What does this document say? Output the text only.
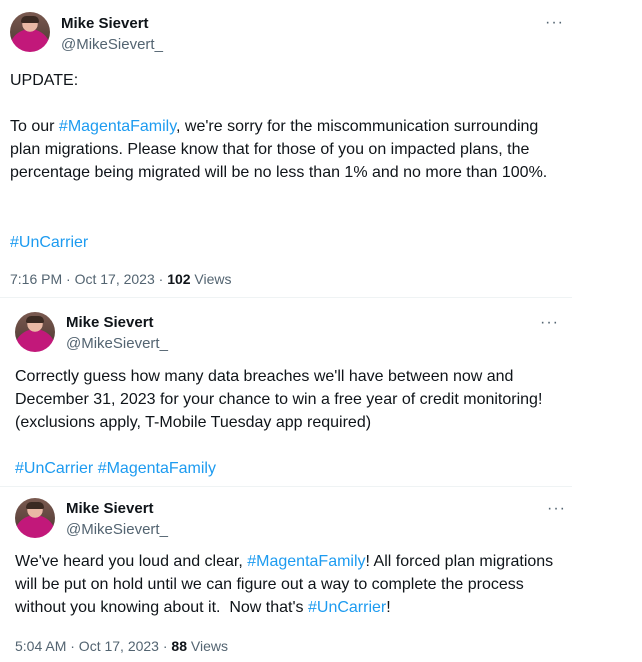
Mike Sievert
@MikeSievert_
···
UPDATE:
To our #MagentaFamily, we're sorry for the miscommunication surrounding plan migrations. Please know that for those of you on impacted plans, the percentage being migrated will be no less than 1% and no more than 100%.
#UnCarrier
7:16 PM · Oct 17, 2023 · 102 Views
Mike Sievert
@MikeSievert_
···
Correctly guess how many data breaches we'll have between now and December 31, 2023 for your chance to win a free year of credit monitoring! (exclusions apply, T-Mobile Tuesday app required)
#UnCarrier #MagentaFamily
Mike Sievert
@MikeSievert_
···
We've heard you loud and clear, #MagentaFamily! All forced plan migrations will be put on hold until we can figure out a way to complete the process without you knowing about it.  Now that's #UnCarrier!
5:04 AM · Oct 17, 2023 · 88 Views
